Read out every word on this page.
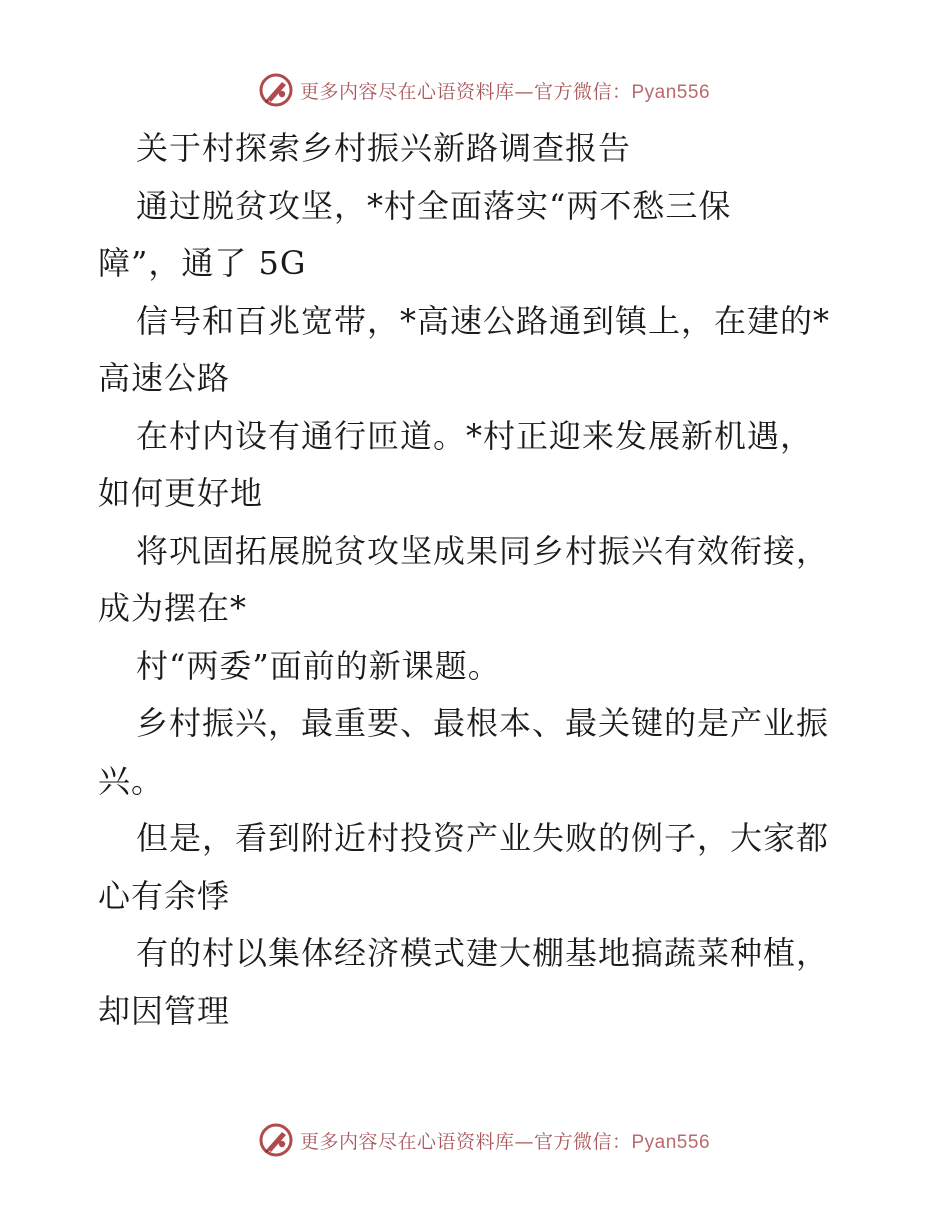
更多内容尽在心语资料库—官方微信：Pyan556
关于村探索乡村振兴新路调查报告
通过脱贫攻坚，*村全面落实“两不愁三保
障”，通了 5G
信号和百兆宽带，*高速公路通到镇上，在建的*
高速公路
在村内设有通行匝道。*村正迎来发展新机遇，
如何更好地
将巩固拓展脱贫攻坚成果同乡村振兴有效衔接，
成为摆在*
村“两委”面前的新课题。
乡村振兴，最重要、最根本、最关键的是产业振
兴。
但是，看到附近村投资产业失败的例子，大家都
心有余悸
有的村以集体经济模式建大棚基地搞蔬菜种植，
却因管理
更多内容尽在心语资料库—官方微信：Pyan556
